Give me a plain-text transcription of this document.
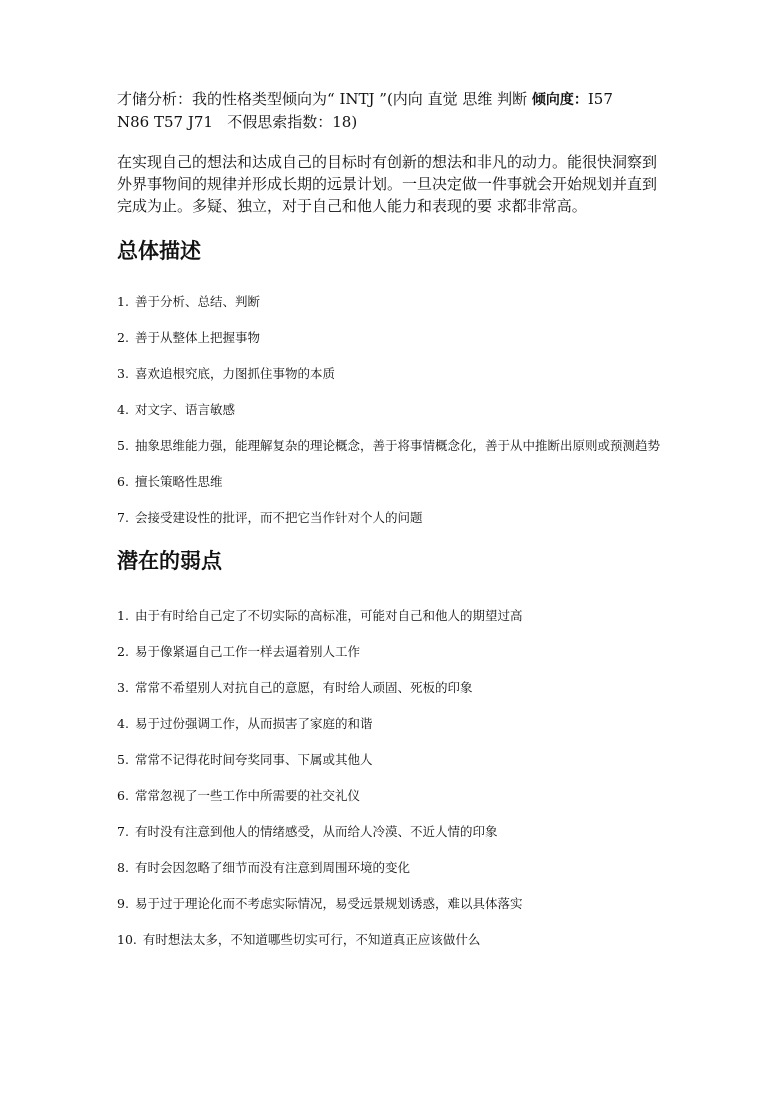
才储分析：我的性格类型倾向为“ INTJ ”(内向 直觉 思维 判断 倾向度：I57

N86 T57 J71   不假思索指数：18)

在实现自己的想法和达成自己的目标时有创新的想法和非凡的动力。能很快洞察到外界事物间的规律并形成长期的远景计划。一旦决定做一件事就会开始规划并直到完成为止。多疑、独立，对于自己和他人能力和表现的要 求都非常高。

总体描述
1. 善于分析、总结、判断
2. 善于从整体上把握事物
3. 喜欢追根究底，力图抓住事物的本质
4. 对文字、语言敏感
5. 抽象思维能力强，能理解复杂的理论概念，善于将事情概念化，善于从中推断出原则或预测趋势
6. 擅长策略性思维
7. 会接受建设性的批评，而不把它当作针对个人的问题
潜在的弱点
1. 由于有时给自己定了不切实际的高标准，可能对自己和他人的期望过高
2. 易于像紧逼自己工作一样去逼着别人工作
3. 常常不希望别人对抗自己的意愿，有时给人顽固、死板的印象
4. 易于过份强调工作，从而损害了家庭的和谐
5. 常常不记得花时间夸奖同事、下属或其他人
6. 常常忽视了一些工作中所需要的社交礼仪
7. 有时没有注意到他人的情绪感受，从而给人冷漠、不近人情的印象
8. 有时会因忽略了细节而没有注意到周围环境的变化
9. 易于过于理论化而不考虑实际情况，易受远景规划诱惑，难以具体落实
10. 有时想法太多，不知道哪些切实可行，不知道真正应该做什么
